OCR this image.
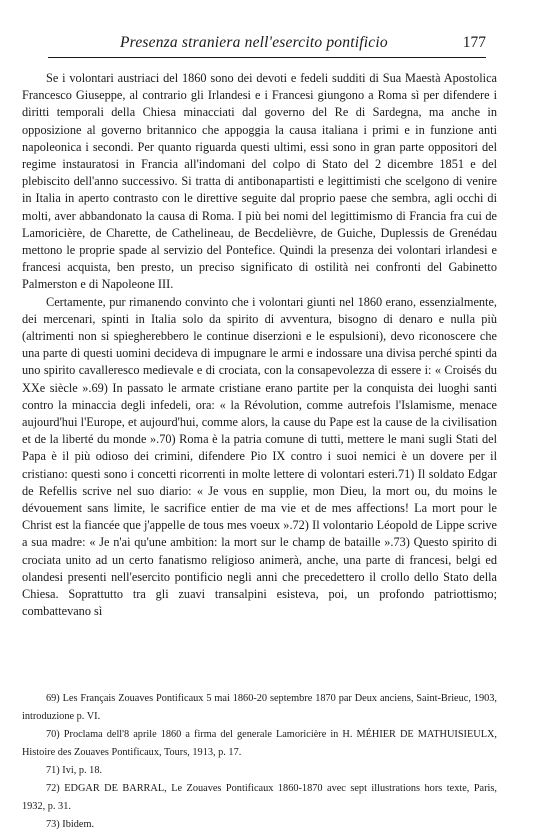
Presenza straniera nell'esercito pontificio	177

Se i volontari austriaci del 1860 sono dei devoti e fedeli sudditi di Sua Maestà Apostolica Francesco Giuseppe, al contrario gli Irlandesi e i Francesi giungono a Roma sì per difendere i diritti temporali della Chiesa minacciati dal governo del Re di Sardegna, ma anche in opposizione al governo britannico che appoggia la causa italiana i primi e in funzione anti napoleonica i secondi. Per quanto riguarda questi ultimi, essi sono in gran parte oppositori del regime instauratosi in Francia all'indomani del colpo di Stato del 2 dicembre 1851 e del plebiscito dell'anno successivo. Si tratta di antibonapartisti e legittimisti che scelgono di venire in Italia in aperto contrasto con le direttive seguite dal proprio paese che sembra, agli occhi di molti, aver abbandonato la causa di Roma. I più bei nomi del legittimismo di Francia fra cui de Lamoricière, de Charette, de Cathelineau, de Becdelièvre, de Guiche, Duplessis de Grenédau mettono le proprie spade al servizio del Pontefice. Quindi la presenza dei volontari irlandesi e francesi acquista, ben presto, un preciso significato di ostilità nei confronti del Gabinetto Palmerston e di Napoleone III.

Certamente, pur rimanendo convinto che i volontari giunti nel 1860 erano, essenzialmente, dei mercenari, spinti in Italia solo da spirito di avventura, bisogno di denaro e nulla più (altrimenti non si spiegherebbero le continue diserzioni e le espulsioni), devo riconoscere che una parte di questi uomini decideva di impugnare le armi e indossare una divisa perché spinti da uno spirito cavalleresco medievale e di crociata, con la consapevolezza di essere i: « Croisés du XXe siècle ».69) In passato le armate cristiane erano partite per la conquista dei luoghi santi contro la minaccia degli infedeli, ora: « la Révolution, comme autrefois l'Islamisme, menace aujourd'hui l'Europe, et aujourd'hui, comme alors, la cause du Pape est la cause de la civilisation et de la liberté du monde ».70) Roma è la patria comune di tutti, mettere le mani sugli Stati del Papa è il più odioso dei crimini, difendere Pio IX contro i suoi nemici è un dovere per il cristiano: questi sono i concetti ricorrenti in molte lettere di volontari esteri.71) Il soldato Edgar de Refellis scrive nel suo diario: « Je vous en supplie, mon Dieu, la mort ou, du moins le dévouement sans limite, le sacrifice entier de ma vie et de mes affections! La mort pour le Christ est la fiancée que j'appelle de tous mes voeux ».72) Il volontario Léopold de Lippe scrive a sua madre: « Je n'ai qu'une ambition: la mort sur le champ de bataille ».73) Questo spirito di crociata unito ad un certo fanatismo religioso animerà, anche, una parte di francesi, belgi ed olandesi presenti nell'esercito pontificio negli anni che precedettero il crollo dello Stato della Chiesa. Soprattutto tra gli zuavi transalpini esisteva, poi, un profondo patriottismo; combattevano sì

69) Les Français Zouaves Pontificaux 5 mai 1860-20 septembre 1870 par Deux anciens, Saint-Brieuc, 1903, introduzione p. VI.

70) Proclama dell'8 aprile 1860 a firma del generale Lamoricière in H. MÉHIER DE MATHUISIEULX, Histoire des Zouaves Pontificaux, Tours, 1913, p. 17.

71) Ivi, p. 18.

72) EDGAR DE BARRAL, Le Zouaves Pontificaux 1860-1870 avec sept illustrations hors texte, Paris, 1932, p. 31.

73) Ibidem.
